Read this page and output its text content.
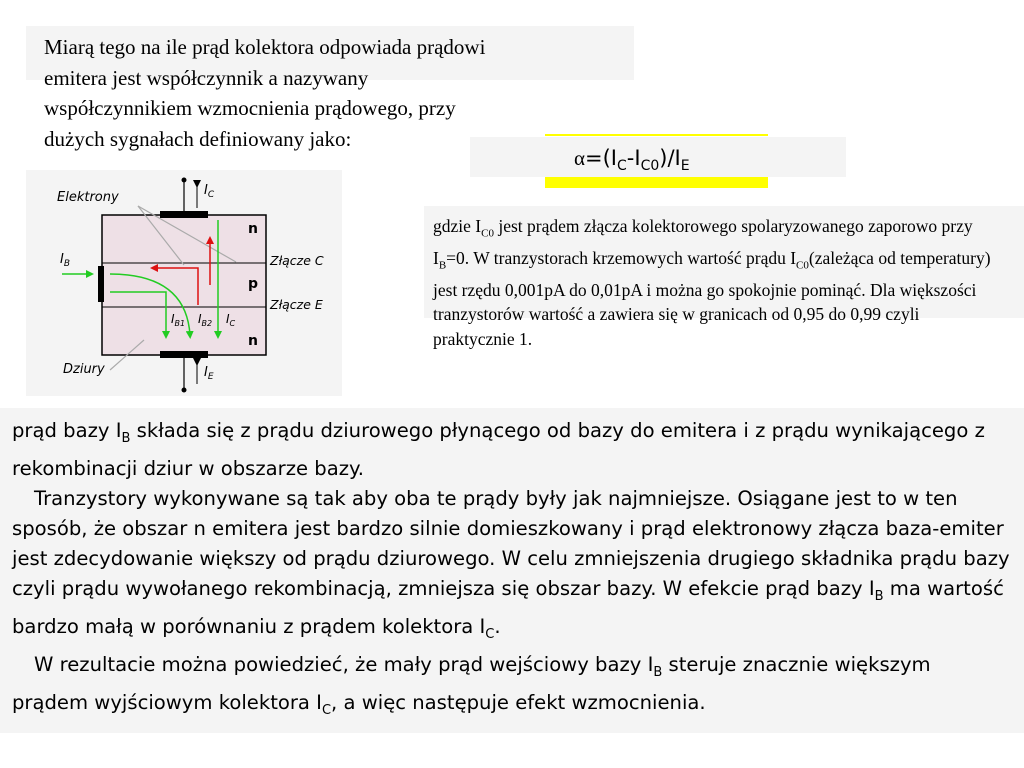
Miarą tego na ile prąd kolektora odpowiada prądowi
emitera jest współczynnik a nazywany
współczynnikiem wzmocnienia prądowego, przy
dużych sygnałach definiowany jako:

$\alpha=(I_C-I_{C0})/I_E$

gdzie $I_{C0}$ jest prądem złącza kolektorowego spolaryzowanego zaporowo przy $I_B=0$. W tranzystorach krzemowych wartość prądu $I_{C0}(zależąca$ od temperatury) jest rzędu 0,001pA do 0,01pA i można go spokojnie pominąć. Dla większości tranzystorów wartość a zawiera się w granicach od 0,95 do 0,99 czyli praktycznie 1.

$I_C$
$I_E$
$I_B$
Elektrony
Dziury
n
p
n
Złącze C
Złącze E
$I_{B1}$ $I_{B2}$ $I_C$

prąd bazy $I_B$ składa się z prądu dziurowego płynącego od bazy do emitera i z prądu wynikającego z rekombinacji dziur w obszarze bazy.
Tranzystory wykonywane są tak aby oba te prądy były jak najmniejsze. Osiągane jest to w ten sposób, że obszar n emitera jest bardzo silnie domieszkowany i prąd elektronowy złącza baza-emiter jest zdecydowanie większy od prądu dziurowego. W celu zmniejszenia drugiego składnika prądu bazy czyli prądu wywołanego rekombinacją, zmniejsza się obszar bazy. W efekcie prąd bazy $I_B$ ma wartość bardzo małą w porównaniu z prądem kolektora $I_C$.
W rezultacie można powiedzieć, że mały prąd wejściowy bazy $I_B$ steruje znacznie większym prądem wyjściowym kolektora $I_C$, a więc następuje efekt wzmocnienia.
